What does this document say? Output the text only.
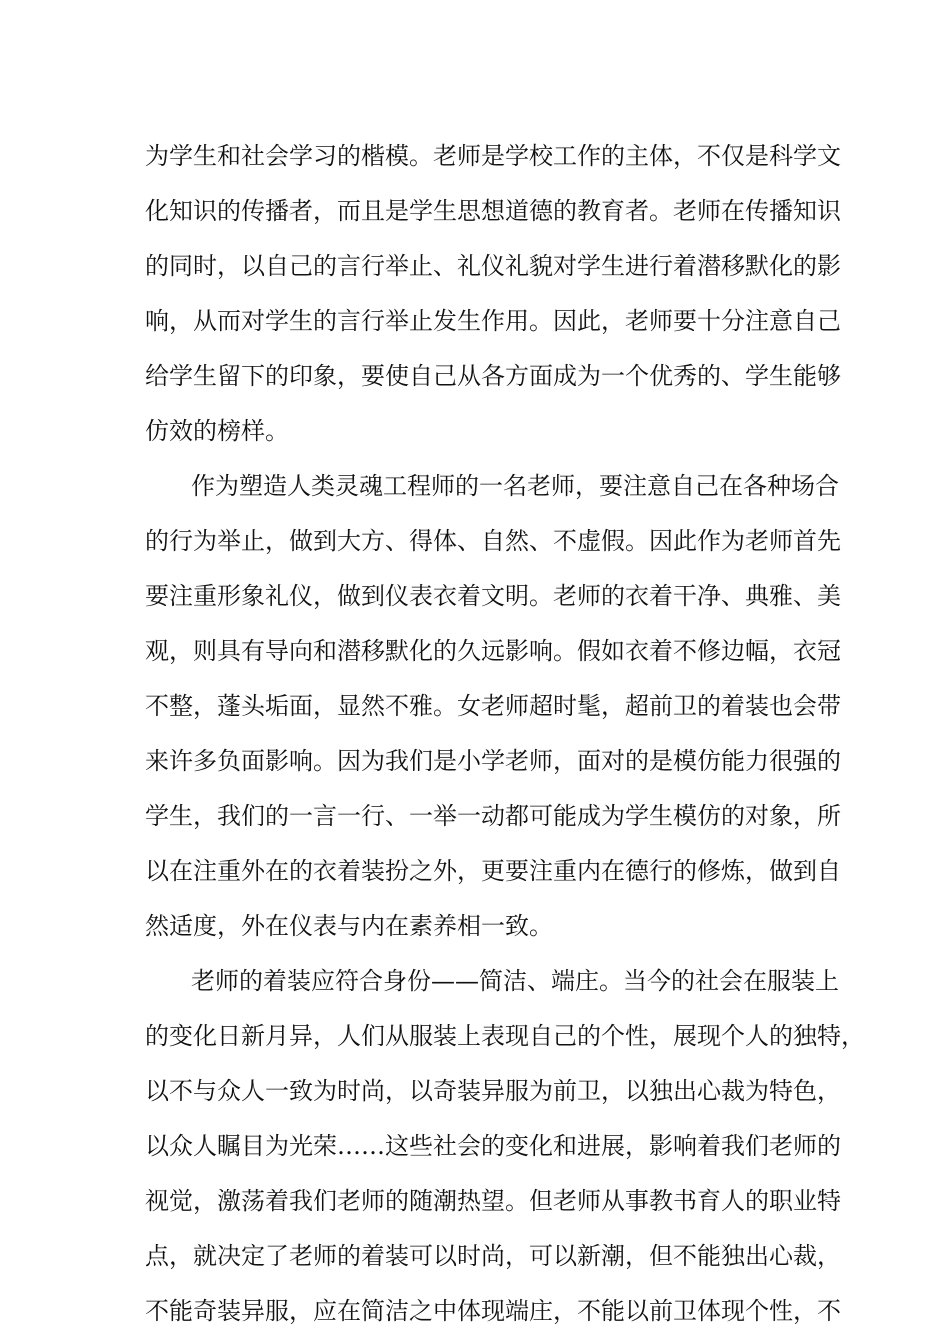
为学生和社会学习的楷模。老师是学校工作的主体，不仅是科学文
化知识的传播者，而且是学生思想道德的教育者。老师在传播知识
的同时，以自己的言行举止、礼仪礼貌对学生进行着潜移默化的影
响，从而对学生的言行举止发生作用。因此，老师要十分注意自己
给学生留下的印象，要使自己从各方面成为一个优秀的、学生能够
仿效的榜样。
作为塑造人类灵魂工程师的一名老师，要注意自己在各种场合
的行为举止，做到大方、得体、自然、不虚假。因此作为老师首先
要注重形象礼仪，做到仪表衣着文明。老师的衣着干净、典雅、美
观，则具有导向和潜移默化的久远影响。假如衣着不修边幅，衣冠
不整，蓬头垢面，显然不雅。女老师超时髦，超前卫的着装也会带
来许多负面影响。因为我们是小学老师，面对的是模仿能力很强的
学生，我们的一言一行、一举一动都可能成为学生模仿的对象，所
以在注重外在的衣着装扮之外，更要注重内在德行的修炼，做到自
然适度，外在仪表与内在素养相一致。
老师的着装应符合身份——简洁、端庄。当今的社会在服装上
的变化日新月异，人们从服装上表现自己的个性，展现个人的独特，
以不与众人一致为时尚，以奇装异服为前卫，以独出心裁为特色，
以众人瞩目为光荣……这些社会的变化和进展，影响着我们老师的
视觉，激荡着我们老师的随潮热望。但老师从事教书育人的职业特
点，就决定了老师的着装可以时尚，可以新潮，但不能独出心裁，
不能奇装异服，应在简洁之中体现端庄，不能以前卫体现个性，不
